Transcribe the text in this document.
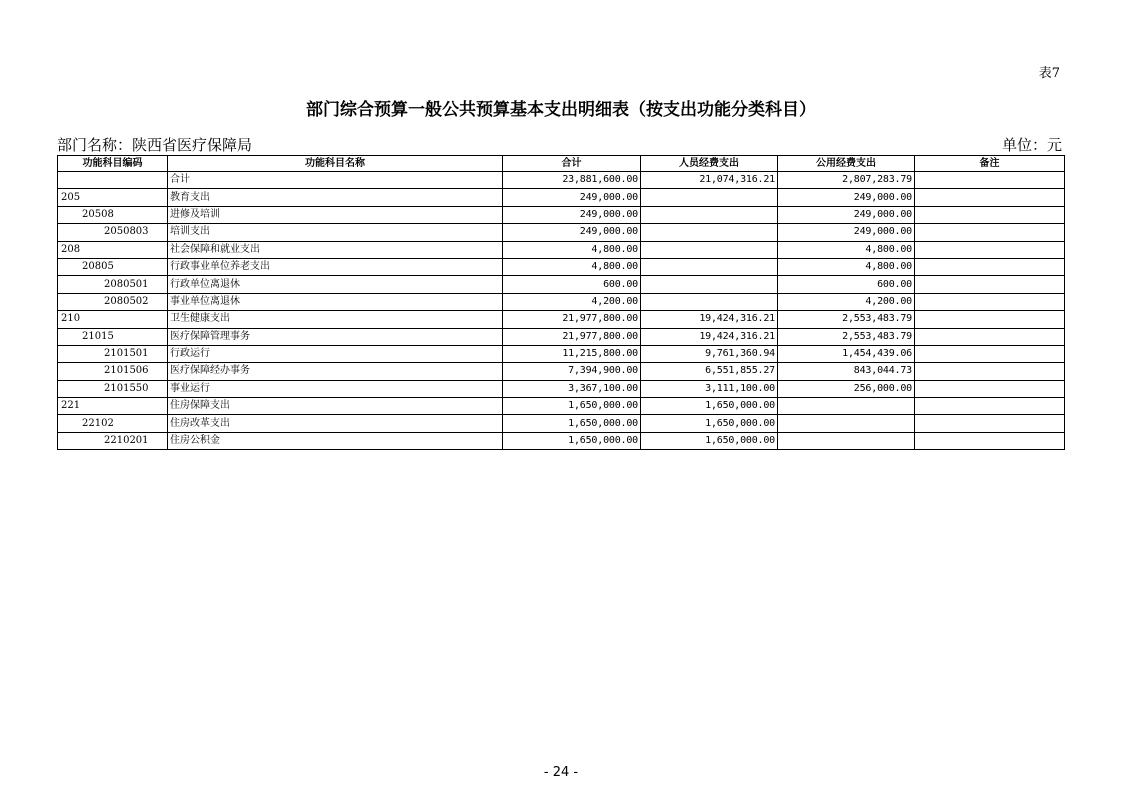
表7
部门综合预算一般公共预算基本支出明细表（按支出功能分类科目）
部门名称：陕西省医疗保障局	单位：元
功能科目编码	功能科目名称	合计	人员经费支出	公用经费支出	备注
	合计	23,881,600.00	21,074,316.21	2,807,283.79	
205	教育支出	249,000.00		249,000.00	
20508	进修及培训	249,000.00		249,000.00	
2050803	培训支出	249,000.00		249,000.00	
208	社会保障和就业支出	4,800.00		4,800.00	
20805	行政事业单位养老支出	4,800.00		4,800.00	
2080501	行政单位离退休	600.00		600.00	
2080502	事业单位离退休	4,200.00		4,200.00	
210	卫生健康支出	21,977,800.00	19,424,316.21	2,553,483.79	
21015	医疗保障管理事务	21,977,800.00	19,424,316.21	2,553,483.79	
2101501	行政运行	11,215,800.00	9,761,360.94	1,454,439.06	
2101506	医疗保障经办事务	7,394,900.00	6,551,855.27	843,044.73	
2101550	事业运行	3,367,100.00	3,111,100.00	256,000.00	
221	住房保障支出	1,650,000.00	1,650,000.00		
22102	住房改革支出	1,650,000.00	1,650,000.00		
2210201	住房公积金	1,650,000.00	1,650,000.00		
- 24 -
